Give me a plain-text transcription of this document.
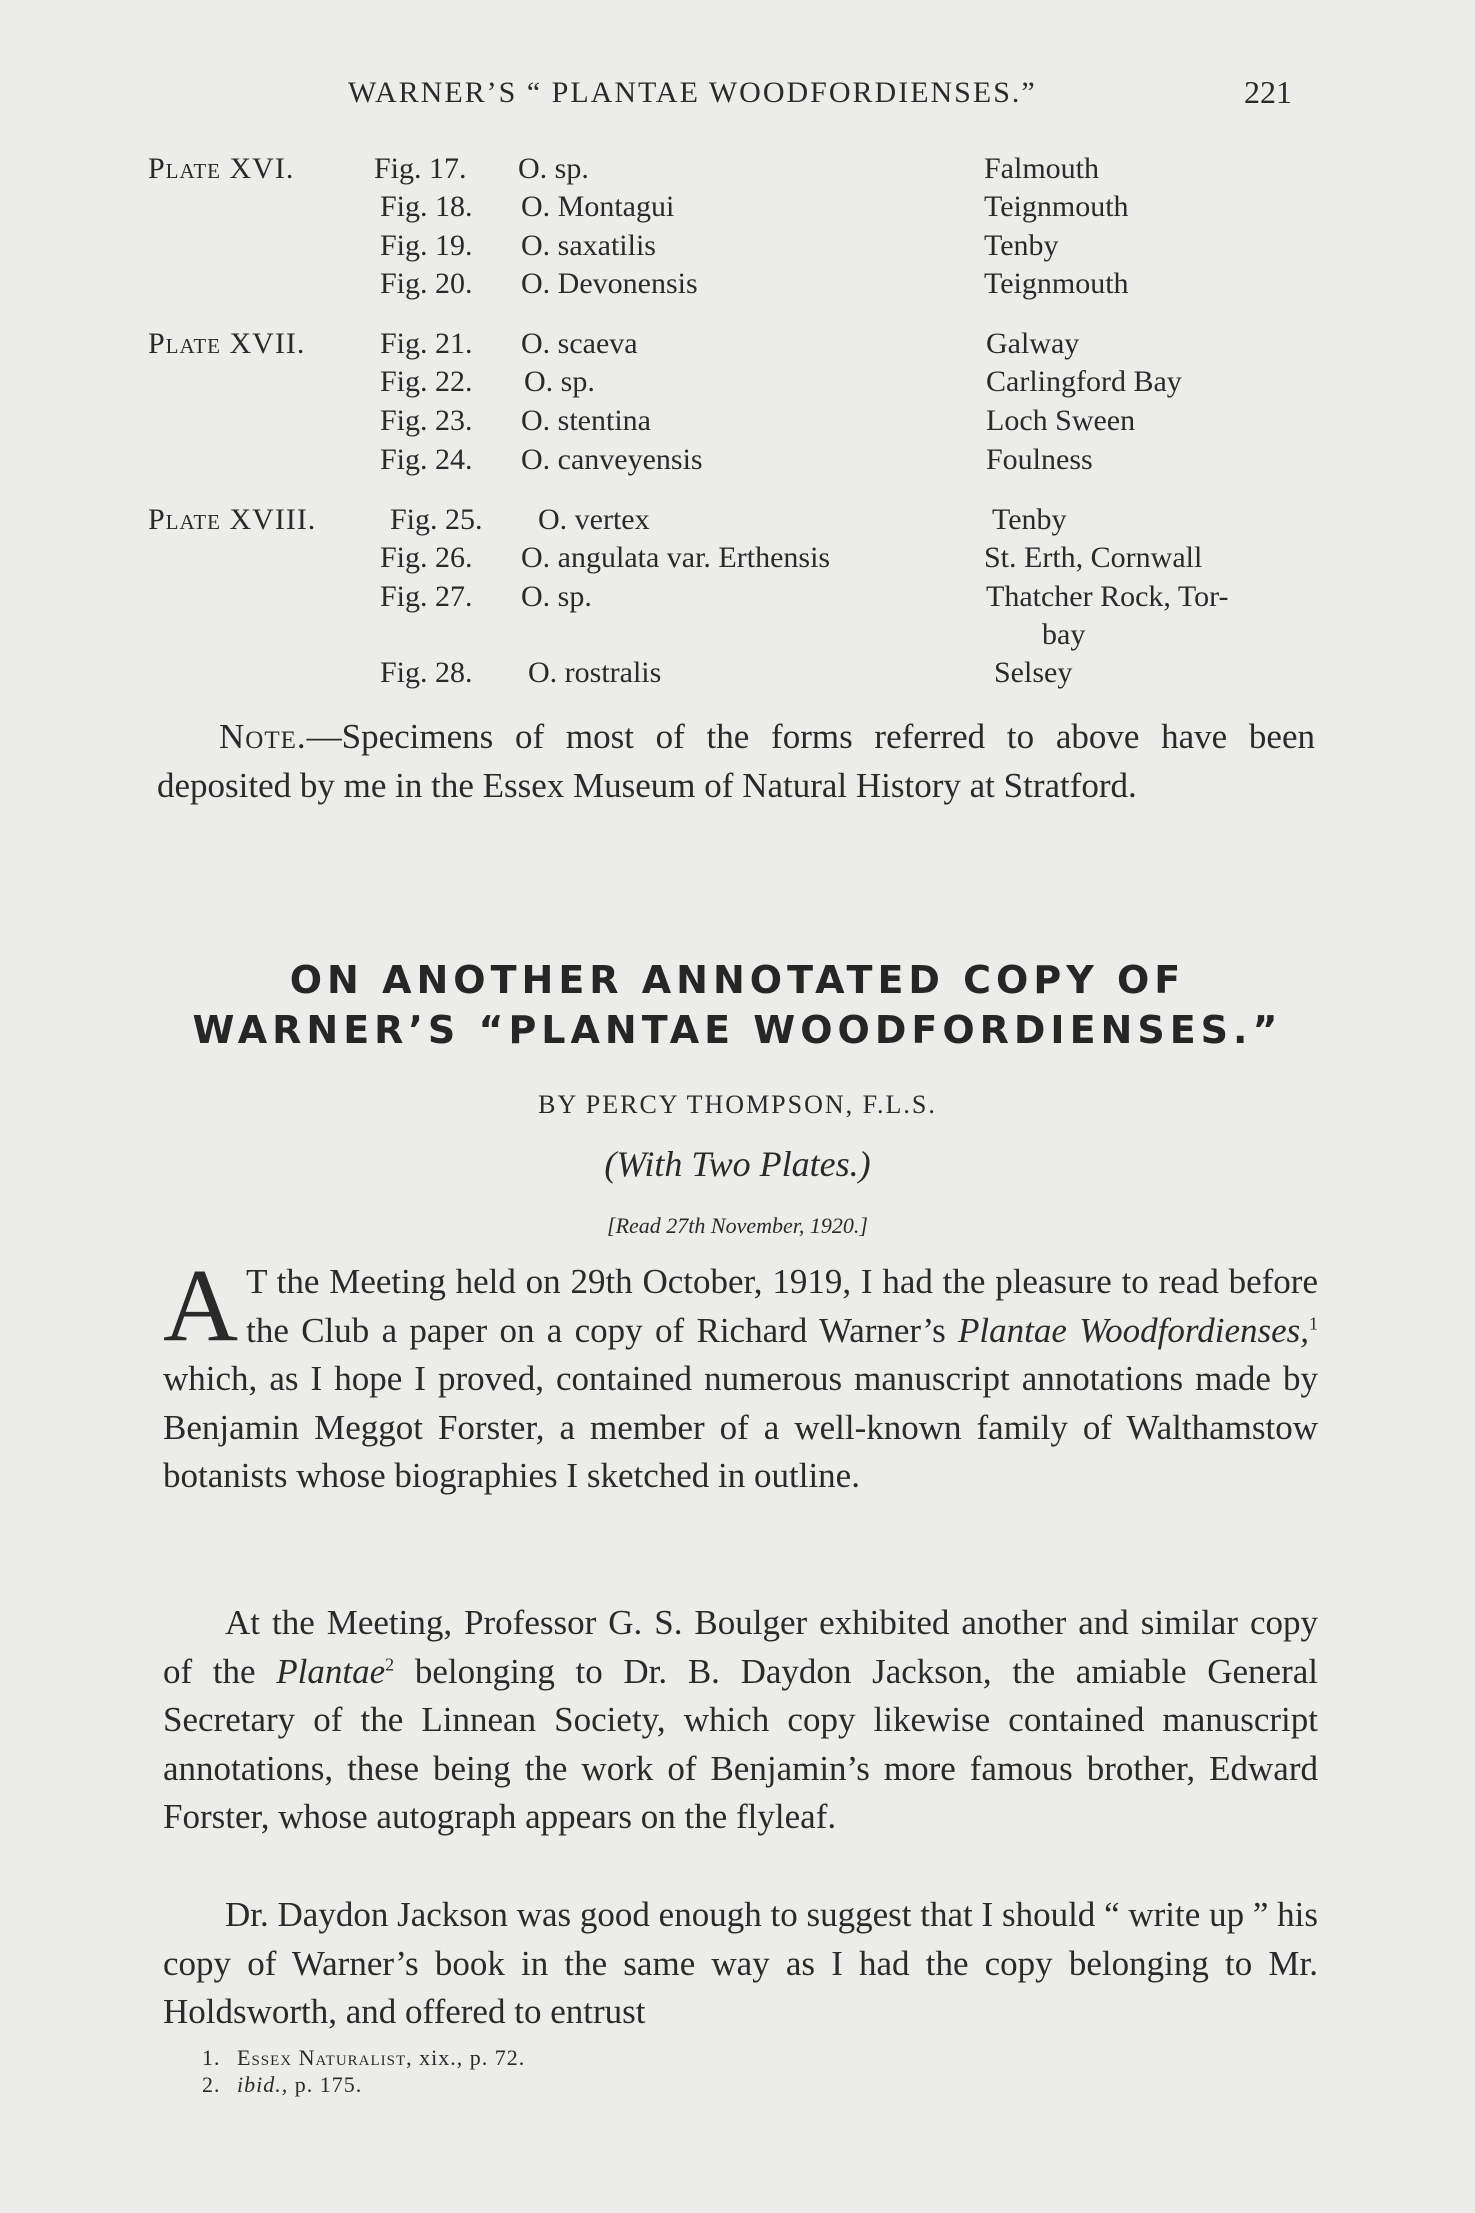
WARNER’S “ PLANTAE WOODFORDIENSES.”	221
Plate XVI.	Fig. 17. O. sp.	Falmouth
Fig. 18. O. Montagui	Teignmouth
Fig. 19. O. saxatilis	Tenby
Fig. 20. O. Devonensis	Teignmouth
Plate XVII. Fig. 21. O. scaeva	Galway
Fig. 22. O. sp.	Carlingford Bay
Fig. 23. O. stentina	Loch Sween
Fig. 24. O. canveyensis	Foulness
Plate XVIII. Fig. 25. O. vertex	Tenby
Fig. 26. O. angulata var. Erthensis	St. Erth, Cornwall
Fig. 27. O. sp.	Thatcher Rock, Tor-
bay
Fig. 28. O. rostralis	Selsey
Note.—Specimens of most of the forms referred to above have been deposited by me in the Essex Museum of Natural History at Stratford.
ON ANOTHER ANNOTATED COPY OF
WARNER’S “PLANTAE WOODFORDIENSES.”
BY PERCY THOMPSON, F.L.S.
(With Two Plates.)
[Read 27th November, 1920.]
A T the Meeting held on 29th October, 1919, I had the pleasure to read before the Club a paper on a copy of Richard Warner’s Plantae Woodfordienses,$^1$ which, as I hope I proved, contained numerous manuscript annotations made by Benjamin Meggot Forster, a member of a well-known family of Walthamstow botanists whose biographies I sketched in outline.
At the Meeting, Professor G. S. Boulger exhibited another and similar copy of the Plantae$^2$ belonging to Dr. B. Daydon Jackson, the amiable General Secretary of the Linnean Society, which copy likewise contained manuscript annotations, these being the work of Benjamin’s more famous brother, Edward Forster, whose autograph appears on the flyleaf.
Dr. Daydon Jackson was good enough to suggest that I should “ write up ” his copy of Warner’s book in the same way as I had the copy belonging to Mr. Holdsworth, and offered to entrust
1. Essex Naturalist, xix., p. 72.
2. ibid., p. 175.
